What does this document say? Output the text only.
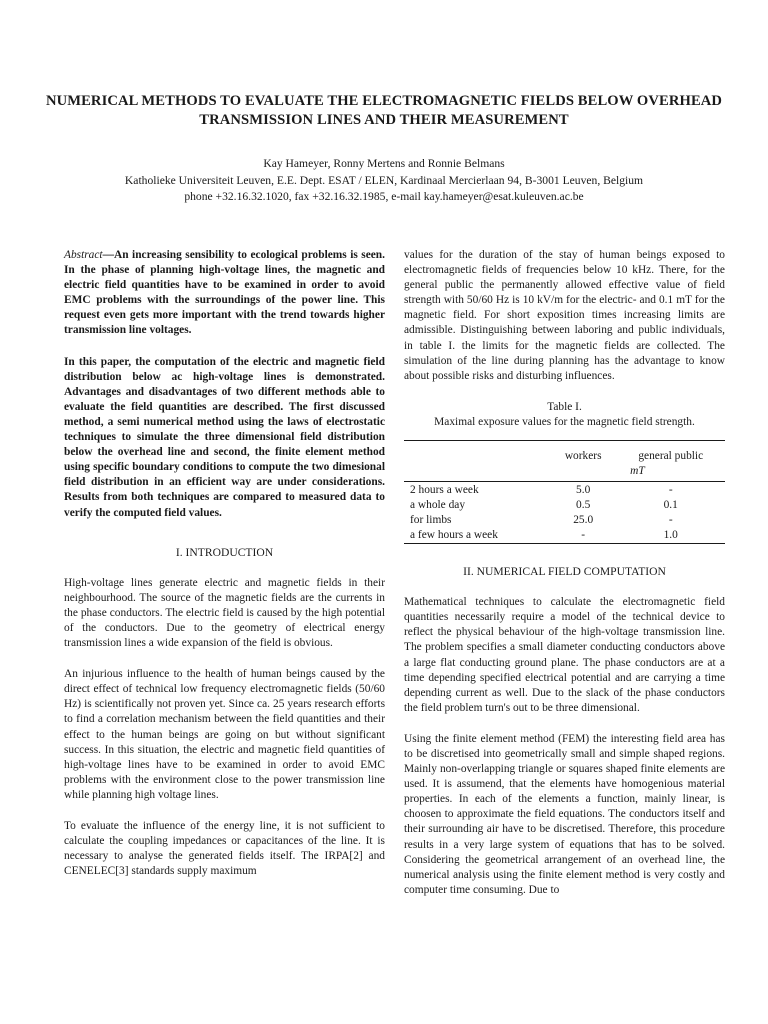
NUMERICAL METHODS TO EVALUATE THE ELECTROMAGNETIC FIELDS BELOW OVERHEAD TRANSMISSION LINES AND THEIR MEASUREMENT
Kay Hameyer, Ronny Mertens and Ronnie Belmans
Katholieke Universiteit Leuven, E.E. Dept. ESAT / ELEN, Kardinaal Mercierlaan 94, B-3001 Leuven, Belgium
phone +32.16.32.1020, fax +32.16.32.1985, e-mail kay.hameyer@esat.kuleuven.ac.be

Abstract—An increasing sensibility to ecological problems is seen. In the phase of planning high-voltage lines, the magnetic and electric field quantities have to be examined in order to avoid EMC problems with the surroundings of the power line. This request even gets more important with the trend towards higher transmission line voltages.

In this paper, the computation of the electric and magnetic field distribution below ac high-voltage lines is demonstrated. Advantages and disadvantages of two different methods able to evaluate the field quantities are described. The first discussed method, a semi numerical method using the laws of electrostatic techniques to simulate the three dimensional field distribution below the overhead line and second, the finite element method using specific boundary conditions to compute the two dimesional field distribution in an efficient way are under considerations. Results from both techniques are compared to measured data to verify the computed field values.

I. INTRODUCTION

High-voltage lines generate electric and magnetic fields in their neighbourhood. The source of the magnetic fields are the currents in the phase conductors. The electric field is caused by the high potential of the conductors. Due to the geometry of electrical energy transmission lines a wide expansion of the field is obvious.

An injurious influence to the health of human beings caused by the direct effect of technical low frequency electromagnetic fields (50/60 Hz) is scientifically not proven yet. Since ca. 25 years research efforts to find a correlation mechanism between the field quantities and their effect to the human beings are going on but without significant success. In this situation, the electric and magnetic field quantities of high-voltage lines have to be examined in order to avoid EMC problems with the environment close to the power transmission line while planning high voltage lines.

To evaluate the influence of the energy line, it is not sufficient to calculate the coupling impedances or capacitances of the line. It is necessary to analyse the generated fields itself. The IRPA[2] and CENELEC[3] standards supply maximum

values for the duration of the stay of human beings exposed to electromagnetic fields of frequencies below 10 kHz. There, for the general public the permanently allowed effective value of field strength with 50/60 Hz is 10 kV/m for the electric- and 0.1 mT for the magnetic field. For short exposition times increasing limits are admissible. Distinguishing between laboring and public individuals, in table I. the limits for the magnetic fields are collected. The simulation of the line during planning has the advantage to know about possible risks and disturbing influences.

Table I.
Maximal exposure values for the magnetic field strength.
	workers	general public
	mT	
2 hours a week	5.0	-
a whole day	0.5	0.1
for limbs	25.0	-
a few hours a week	-	1.0
II. NUMERICAL FIELD COMPUTATION

Mathematical techniques to calculate the electromagnetic field quantities necessarily require a model of the technical device to reflect the physical behaviour of the high-voltage transmission line. The problem specifies a small diameter conducting conductors above a large flat conducting ground plane. The phase conductors are at a time depending specified electrical potential and are carrying a time depending current as well. Due to the slack of the phase conductors the field problem turn's out to be three dimensional.

Using the finite element method (FEM) the interesting field area has to be discretised into geometrically small and simple shaped regions. Mainly non-overlapping triangle or squares shaped finite elements are used. It is assumend, that the elements have homogenious material properties. In each of the elements a function, mainly linear, is choosen to approximate the field equations. The conductors itself and their surrounding air have to be discretised. Therefore, this procedure results in a very large system of equations that has to be solved. Considering the geometrical arrangement of an overhead line, the numerical analysis using the finite element method is very costly and computer time consuming. Due to
